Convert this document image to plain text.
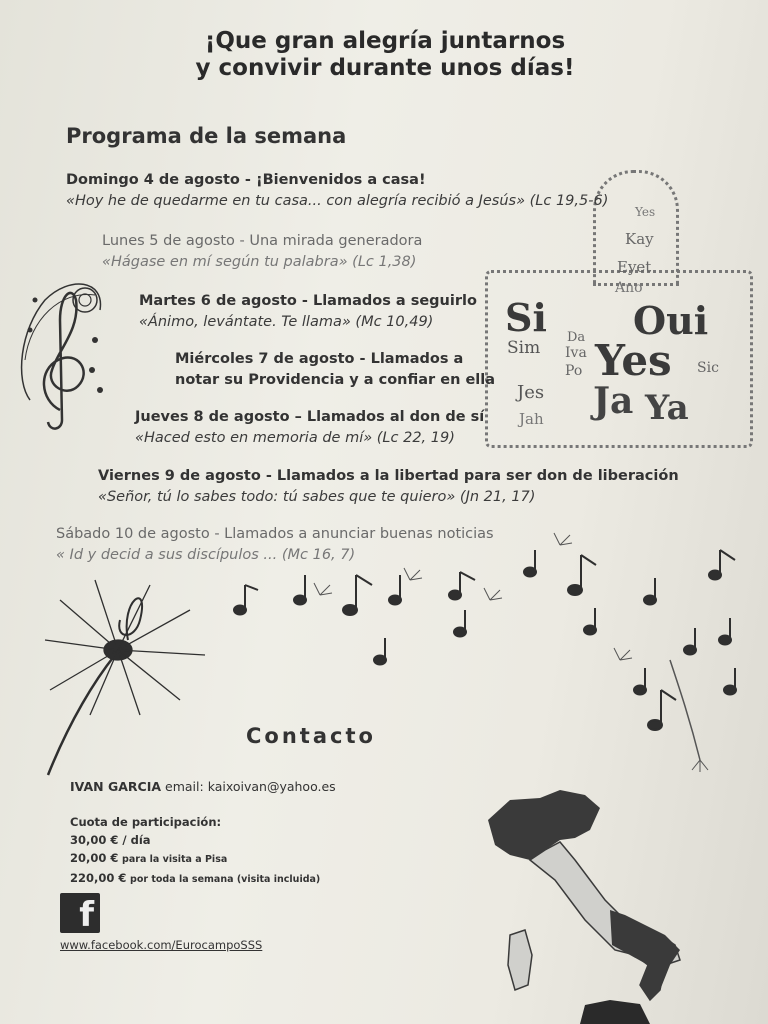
Yes
Kay
Eyet
Ano
Si Oui
Sim
Da
Iva
Po Yes Sic
Jes
Jah Ja Ya
¡Que gran alegría juntarnos
y convivir durante unos días!
Programa de la semana
Domingo 4 de agosto - ¡Bienvenidos a casa!
«Hoy he de quedarme en tu casa... con alegría recibió a Jesús» (Lc 19,5-6)
Lunes 5 de agosto - Una mirada generadora
«Hágase en mí según tu palabra» (Lc 1,38)
Martes 6 de agosto - Llamados a seguirlo
«Ánimo, levántate. Te llama» (Mc 10,49)
Miércoles 7 de agosto - Llamados a
notar su Providencia y a confiar en ella
Jueves 8 de agosto – Llamados al don de sí
«Haced esto en memoria de mí» (Lc 22, 19)
Viernes 9 de agosto - Llamados a la libertad para ser don de liberación
«Señor, tú lo sabes todo: tú sabes que te quiero» (Jn 21, 17)
Sábado 10 de agosto - Llamados a anunciar buenas noticias
« Id y decid a sus discípulos ... (Mc 16, 7)
Contacto
IVAN GARCIA email: kaixoivan@yahoo.es
Cuota de participación:
30,00 € / día
20,00 € para la visita a Pisa
220,00 € por toda la semana (visita incluida)
f
www.facebook.com/EurocampoSSS
